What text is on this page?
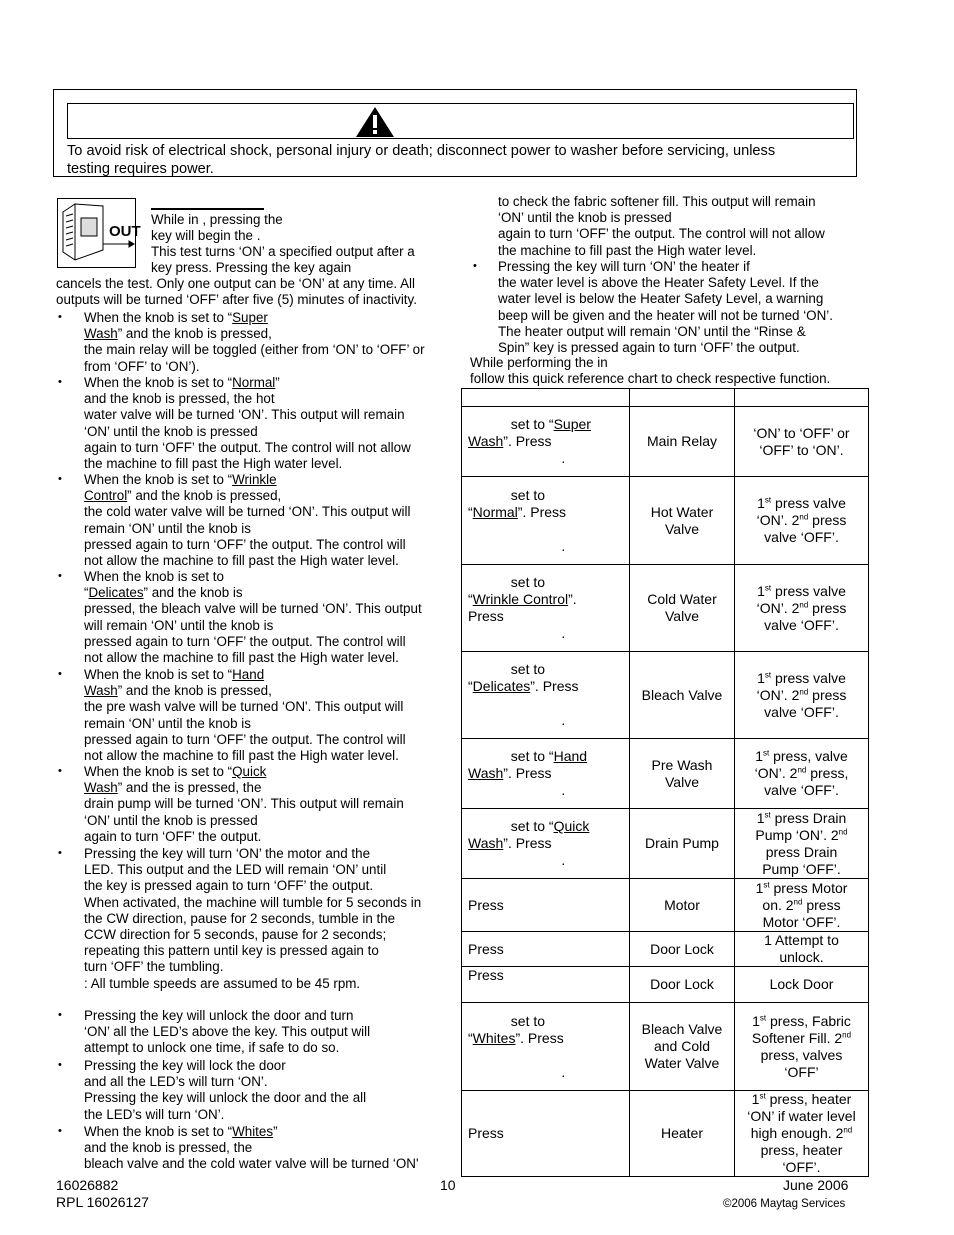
To avoid risk of electrical shock, personal injury or death; disconnect power to washer before servicing, unless
testing requires power.
OUT

set to “Super
Wash”. Press
.	Main Relay	‘ON’ to ‘OFF’ or
‘OFF’ to ‘ON’.
set to
“Normal”. Press

.	Hot Water Valve	1st press valve
‘ON’. 2nd press
valve ‘OFF’.
set to
“Wrinkle Control”.
Press
.	Cold Water Valve	1st press valve
‘ON’. 2nd press
valve ‘OFF’.
set to
“Delicates”. Press

.	Bleach Valve	1st press valve
‘ON’. 2nd press
valve ‘OFF’.
set to “Hand
Wash”. Press
.	Pre Wash Valve	1st press, valve
‘ON’. 2nd press,
valve ‘OFF’.
set to “Quick
Wash”. Press
.	Drain Pump	1st press Drain
Pump ‘ON’. 2nd
press Drain
Pump ‘OFF’.
Press	Motor	1st press Motor
on. 2nd press
Motor ‘OFF’.
Press	Door Lock	1 Attempt to
unlock.
Press	Door Lock	Lock Door
set to
“Whites”. Press

.	Bleach Valve and Cold Water Valve	1st press, Fabric
Softener Fill. 2nd
press, valves
‘OFF’
Press	Heater	1st press, heater
‘ON’ if water level
high enough. 2nd
press, heater
‘OFF’.
16026882
RPL 16026127
10	June 2006
©2006 Maytag Services
While in , pressing the
key will begin the .
This test turns ‘ON’ a specified output after a
key press. Pressing the key again
cancels the test. Only one output can be ‘ON’ at any time. All
outputs will be turned ‘OFF’ after five (5) minutes of inactivity.
• When the knob is set to “Super
Wash” and the knob is pressed,
the main relay will be toggled (either from ‘ON’ to ‘OFF’ or
from ‘OFF’ to ‘ON’).
• When the knob is set to “Normal”
and the knob is pressed, the hot
water valve will be turned ‘ON’. This output will remain
‘ON’ until the knob is pressed
again to turn ‘OFF’ the output. The control will not allow
the machine to fill past the High water level.
• When the knob is set to “Wrinkle
Control” and the knob is pressed,
the cold water valve will be turned ‘ON’. This output will
remain ‘ON’ until the knob is
pressed again to turn ‘OFF’ the output. The control will
not allow the machine to fill past the High water level.
• When the knob is set to
“Delicates” and the knob is
pressed, the bleach valve will be turned ‘ON’. This output
will remain ‘ON’ until the knob is
pressed again to turn ‘OFF’ the output. The control will
not allow the machine to fill past the High water level.
• When the knob is set to “Hand
Wash” and the knob is pressed,
the pre wash valve will be turned ‘ON'. This output will
remain ‘ON’ until the knob is
pressed again to turn ‘OFF’ the output. The control will
not allow the machine to fill past the High water level.
• When the knob is set to “Quick
Wash” and the is pressed, the
drain pump will be turned ‘ON’. This output will remain
‘ON’ until the knob is pressed
again to turn ‘OFF’ the output.
• Pressing the key will turn ‘ON’ the motor and the
LED. This output and the LED will remain ‘ON’ until
the key is pressed again to turn ‘OFF’ the output.
When activated, the machine will tumble for 5 seconds in
the CW direction, pause for 2 seconds, tumble in the
CCW direction for 5 seconds, pause for 2 seconds;
repeating this pattern until key is pressed again to
turn ‘OFF’ the tumbling.
: All tumble speeds are assumed to be 45 rpm.
• Pressing the key will unlock the door and turn
‘ON’ all the LED’s above the key. This output will
attempt to unlock one time, if safe to do so.
• Pressing the key will lock the door
and all the LED’s will turn ‘ON’.
Pressing the key will unlock the door and the all
the LED’s will turn ‘ON’.
• When the knob is set to “Whites”
and the knob is pressed, the
bleach valve and the cold water valve will be turned ‘ON'
to check the fabric softener fill. This output will remain
‘ON’ until the knob is pressed
again to turn ‘OFF’ the output. The control will not allow
the machine to fill past the High water level.
• Pressing the key will turn ‘ON’ the heater if
the water level is above the Heater Safety Level. If the
water level is below the Heater Safety Level, a warning
beep will be given and the heater will not be turned ‘ON’.
The heater output will remain ‘ON’ until the “Rinse &
Spin” key is pressed again to turn ‘OFF’ the output.
While performing the in
follow this quick reference chart to check respective function.
